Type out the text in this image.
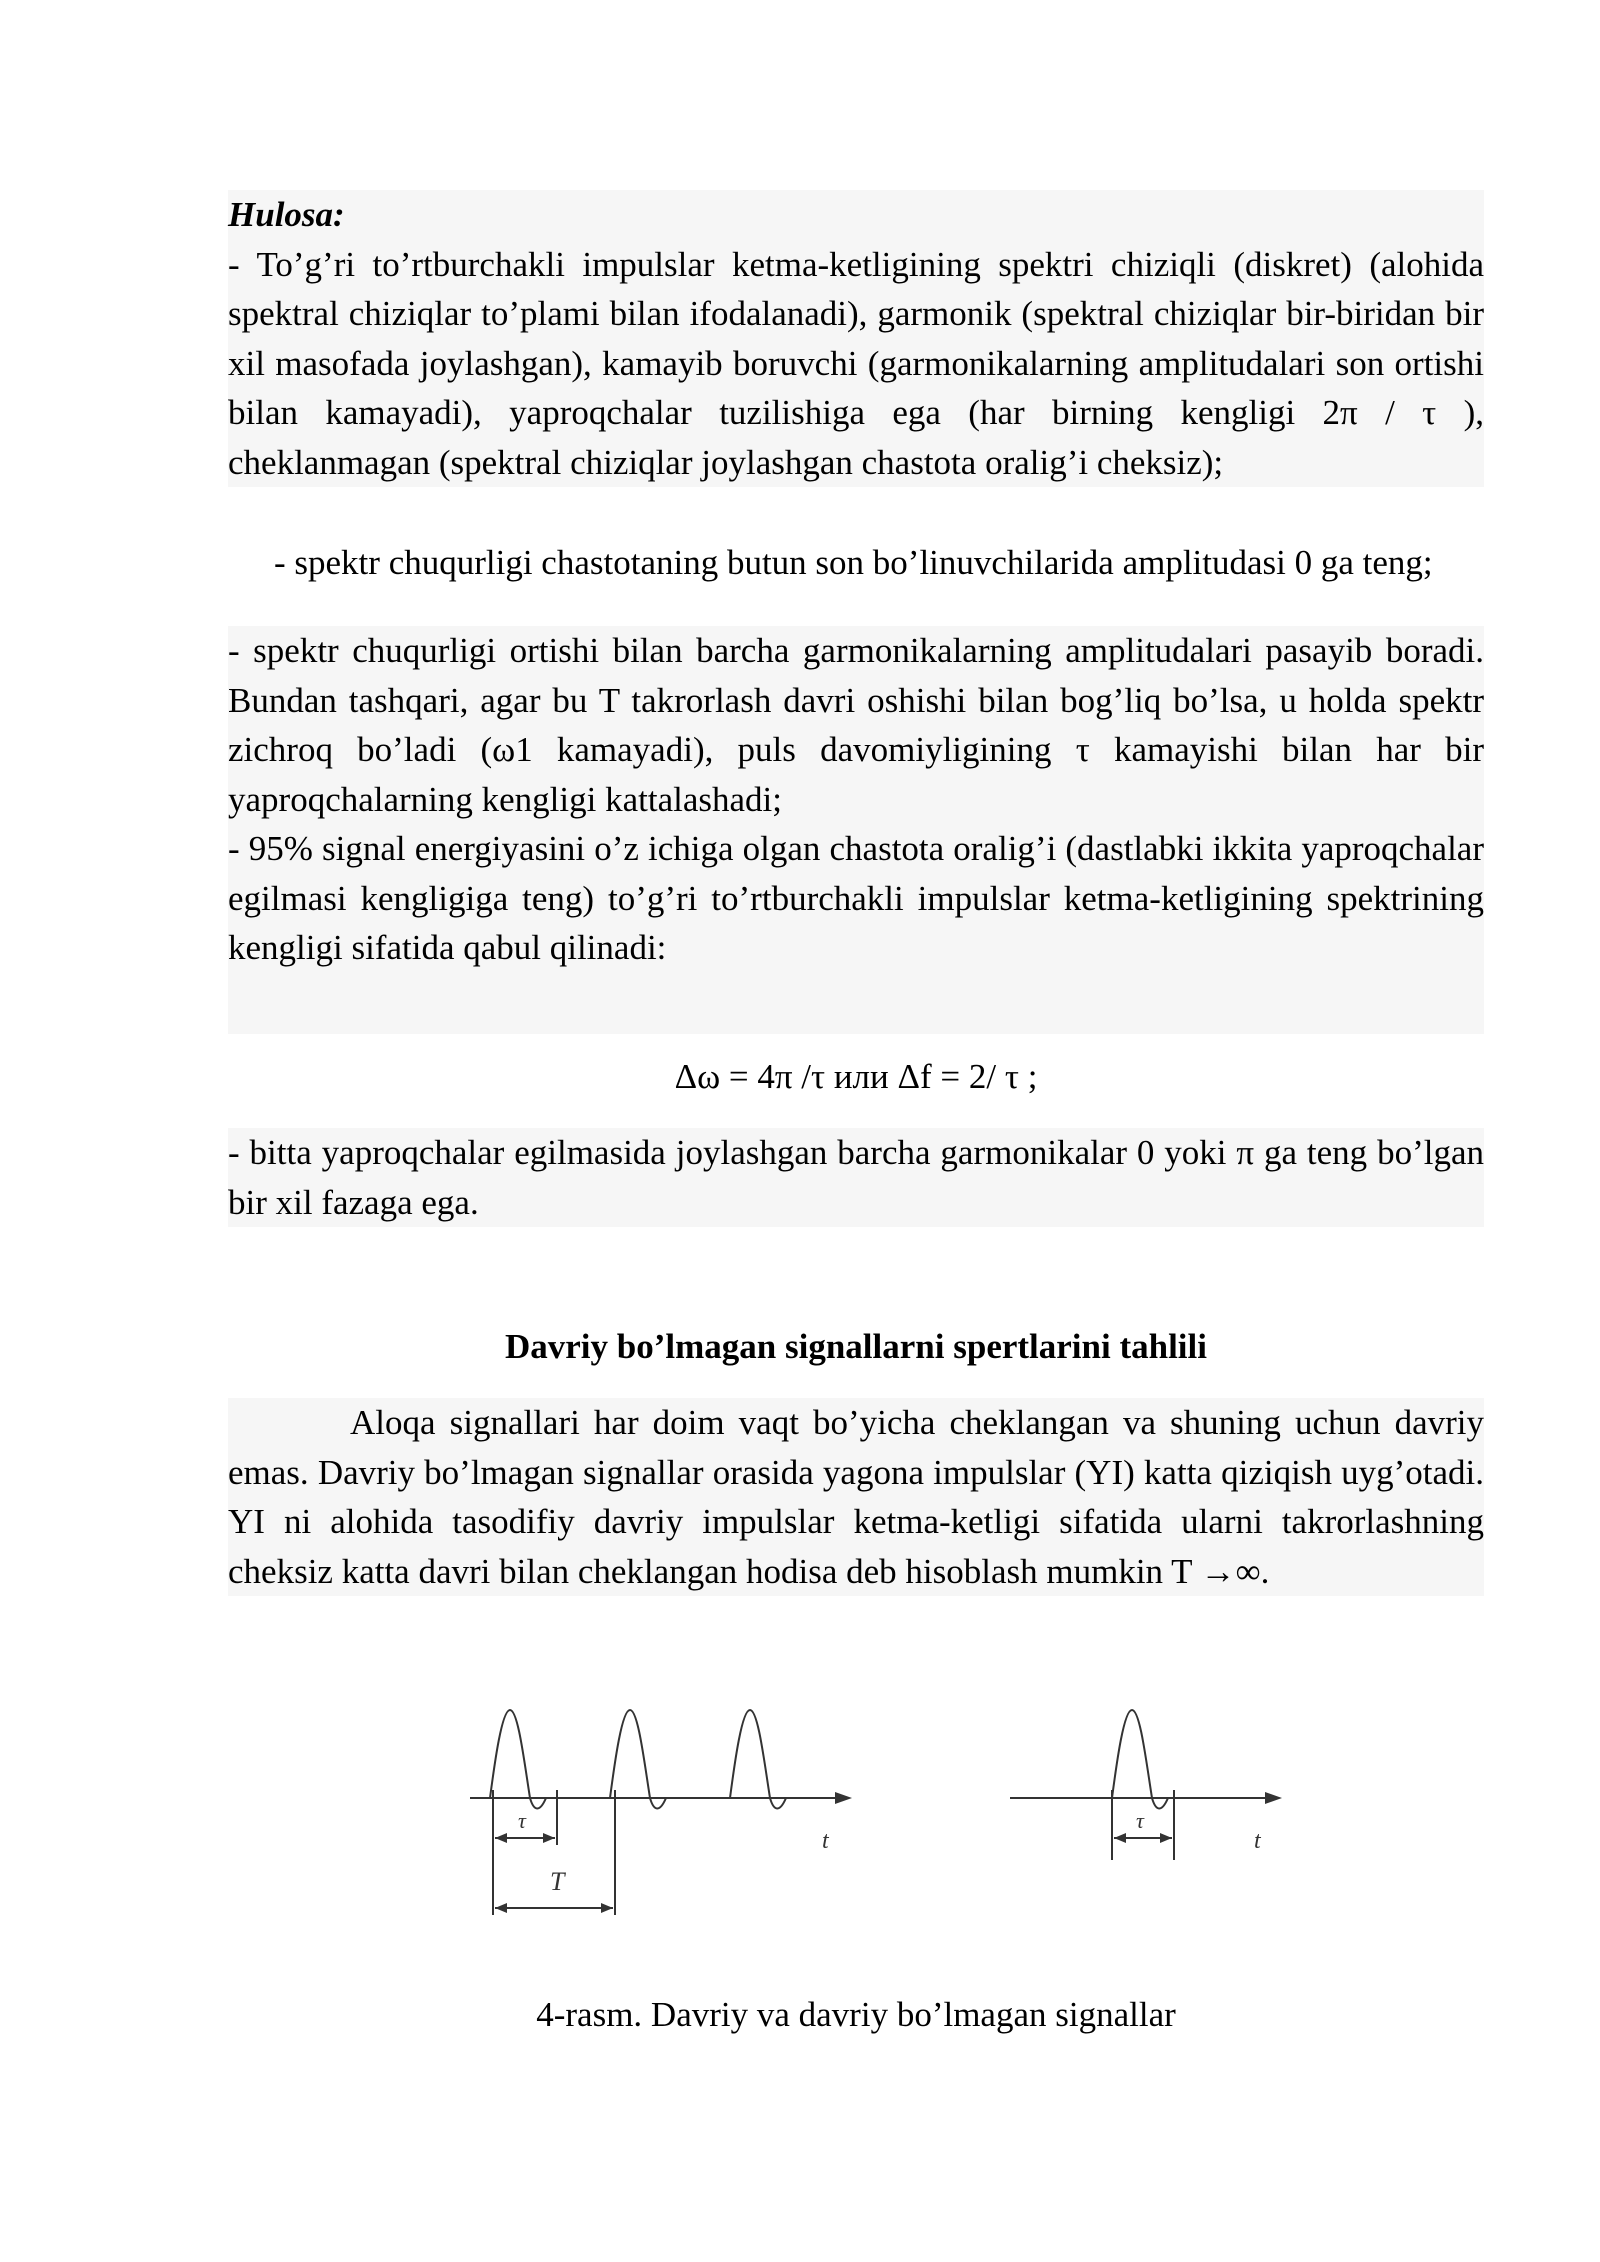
Hulosa:

- To’g’ri to’rtburchakli impulslar ketma-ketligining spektri chiziqli (diskret) (alohida spektral chiziqlar to’plami bilan ifodalanadi), garmonik (spektral chiziqlar bir-biridan bir xil masofada joylashgan), kamayib boruvchi (garmonikalarning amplitudalari son ortishi bilan kamayadi), yaproqchalar tuzilishiga ega (har birning kengligi 2π / τ ), cheklanmagan (spektral chiziqlar joylashgan chastota oralig’i cheksiz);

- spektr chuqurligi chastotaning butun son bo’linuvchilarida amplitudasi 0 ga teng;

- spektr chuqurligi ortishi bilan barcha garmonikalarning amplitudalari pasayib boradi. Bundan tashqari, agar bu T takrorlash davri oshishi bilan bog’liq bo’lsa, u holda spektr zichroq bo’ladi (ω1 kamayadi), puls davomiyligining τ kamayishi bilan har bir yaproqchalarning kengligi kattalashadi;

- 95% signal energiyasini o’z ichiga olgan chastota oralig’i (dastlabki ikkita yaproqchalar egilmasi kengligiga teng) to’g’ri to’rtburchakli impulslar ketma-ketligining spektrining kengligi sifatida qabul qilinadi:

Δω = 4π /τ или Δf = 2/ τ ;

- bitta yaproqchalar egilmasida joylashgan barcha garmonikalar 0 yoki π ga teng bo’lgan bir xil fazaga ega.

Davriy bo’lmagan signallarni spertlarini tahlili

Aloqa signallari har doim vaqt bo’yicha cheklangan va shuning uchun davriy emas. Davriy bo’lmagan signallar orasida yagona impulslar (YI) katta qiziqish uyg’otadi. YI ni alohida tasodifiy davriy impulslar ketma-ketligi sifatida ularni takrorlashning cheksiz katta davri bilan cheklangan hodisa deb hisoblash mumkin T →∞.

τ
T
t
τ
t
4-rasm. Davriy va davriy bo’lmagan signallar
